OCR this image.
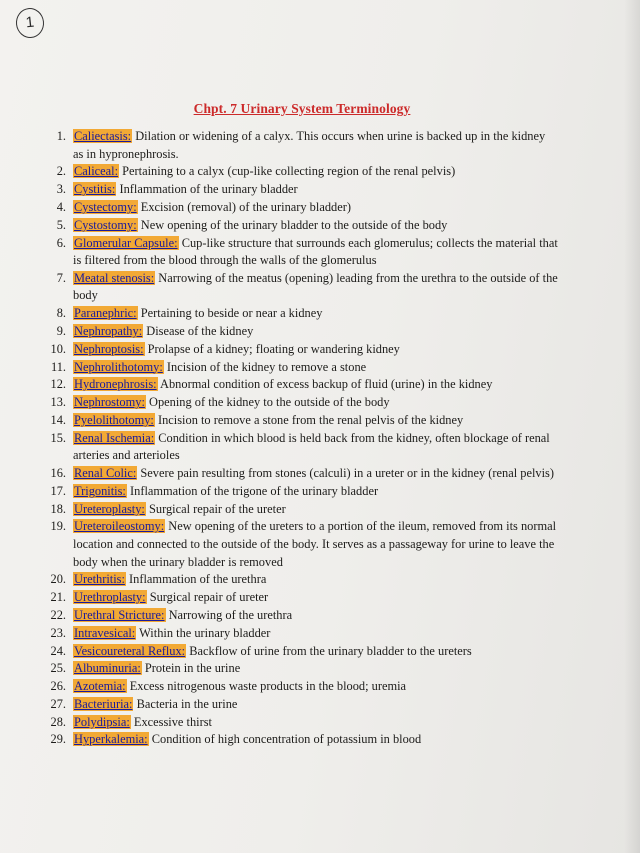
1
Chpt. 7 Urinary System Terminology
1. Caliectasis: Dilation or widening of a calyx. This occurs when urine is backed up in the kidney as in hypronephrosis.
2. Caliceal: Pertaining to a calyx (cup-like collecting region of the renal pelvis)
3. Cystitis: Inflammation of the urinary bladder
4. Cystectomy: Excision (removal) of the urinary bladder)
5. Cystostomy: New opening of the urinary bladder to the outside of the body
6. Glomerular Capsule: Cup-like structure that surrounds each glomerulus; collects the material that is filtered from the blood through the walls of the glomerulus
7. Meatal stenosis: Narrowing of the meatus (opening) leading from the urethra to the outside of the body
8. Paranephric: Pertaining to beside or near a kidney
9. Nephropathy: Disease of the kidney
10. Nephroptosis: Prolapse of a kidney; floating or wandering kidney
11. Nephrolithotomy: Incision of the kidney to remove a stone
12. Hydronephrosis: Abnormal condition of excess backup of fluid (urine) in the kidney
13. Nephrostomy: Opening of the kidney to the outside of the body
14. Pyelolithotomy: Incision to remove a stone from the renal pelvis of the kidney
15. Renal Ischemia: Condition in which blood is held back from the kidney, often blockage of renal arteries and arterioles
16. Renal Colic: Severe pain resulting from stones (calculi) in a ureter or in the kidney (renal pelvis)
17. Trigonitis: Inflammation of the trigone of the urinary bladder
18. Ureteroplasty: Surgical repair of the ureter
19. Ureteroileostomy: New opening of the ureters to a portion of the ileum, removed from its normal location and connected to the outside of the body. It serves as a passageway for urine to leave the body when the urinary bladder is removed
20. Urethritis: Inflammation of the urethra
21. Urethroplasty: Surgical repair of ureter
22. Urethral Stricture: Narrowing of the urethra
23. Intravesical: Within the urinary bladder
24. Vesicoureteral Reflux: Backflow of urine from the urinary bladder to the ureters
25. Albuminuria: Protein in the urine
26. Azotemia: Excess nitrogenous waste products in the blood; uremia
27. Bacteriuria: Bacteria in the urine
28. Polydipsia: Excessive thirst
29. Hyperkalemia: Condition of high concentration of potassium in blood
